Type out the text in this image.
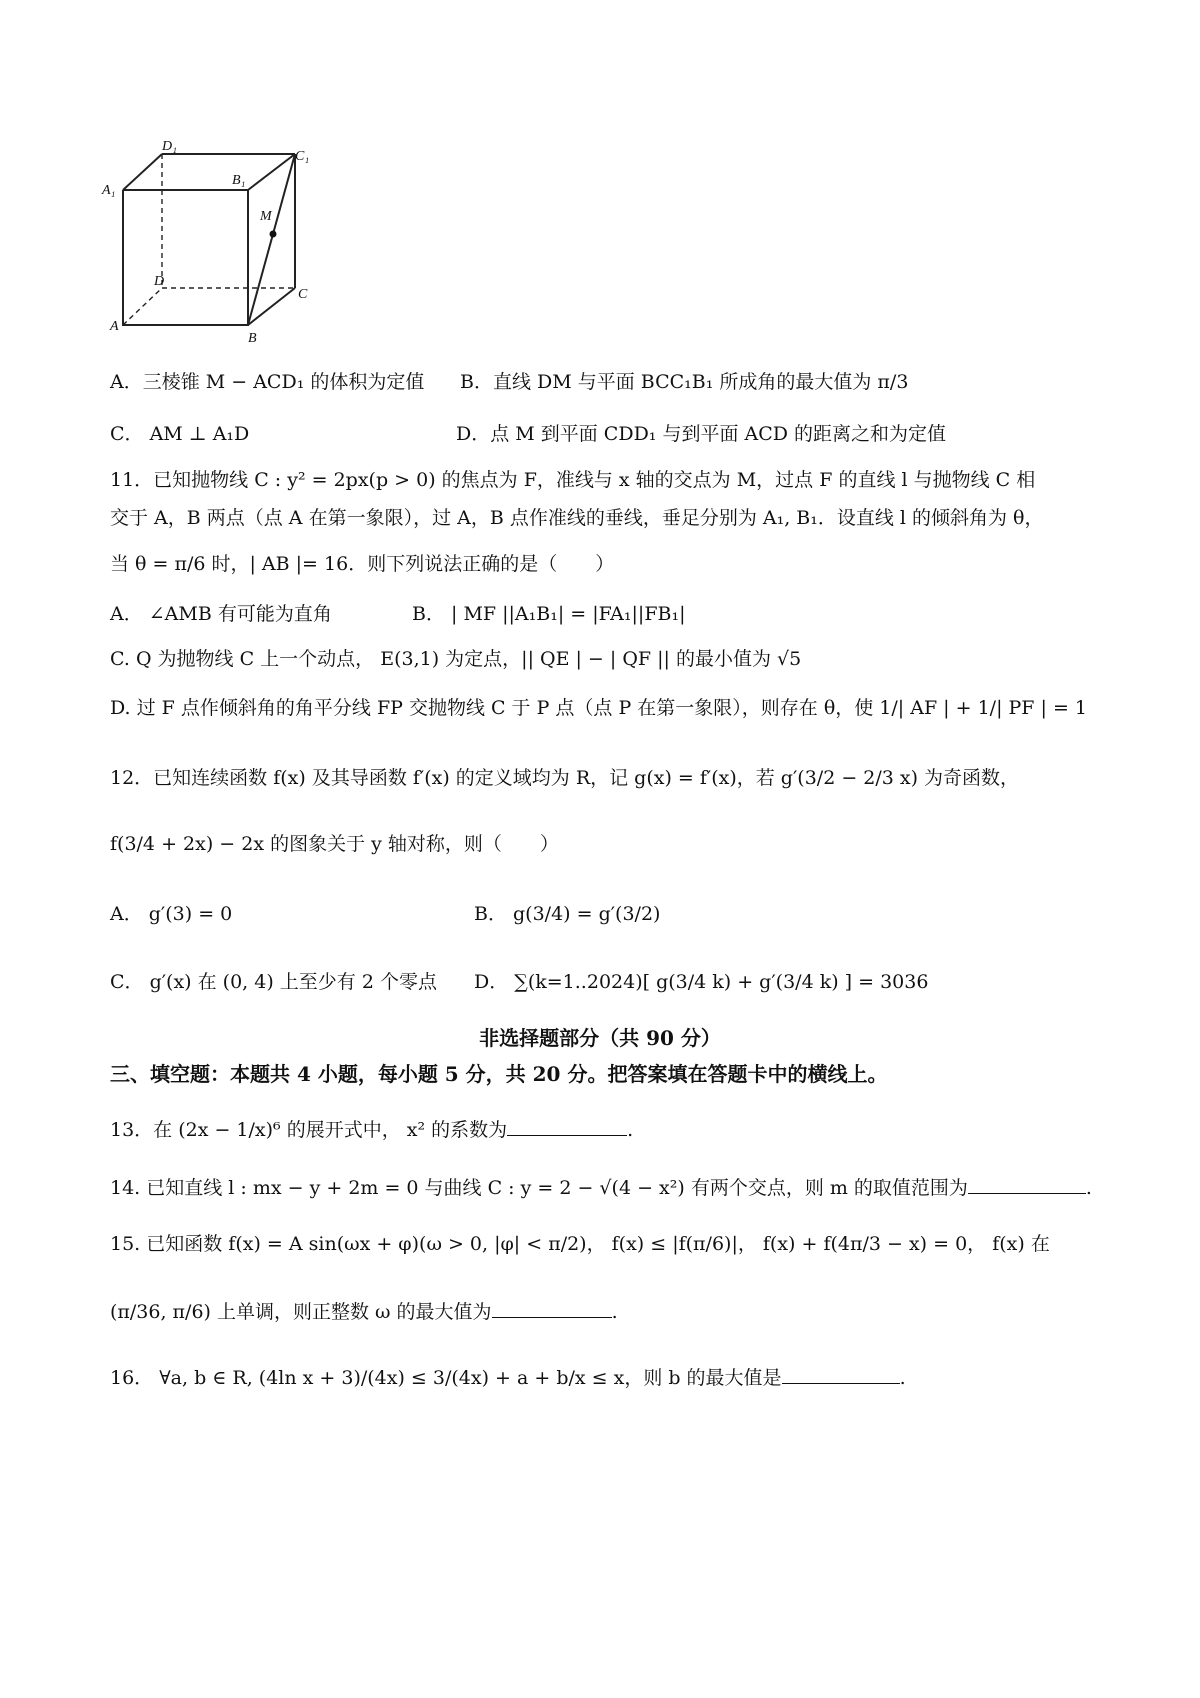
D₁
C₁
A₁
B₁
M
D
C
A
B
A．三棱锥 M − ACD₁ 的体积为定值 B．直线 DM 与平面 BCC₁B₁ 所成角的最大值为 π/3
C． AM ⊥ A₁D	D．点 M 到平面 CDD₁ 与到平面 ACD 的距离之和为定值
11．已知抛物线 C : y² = 2px(p > 0) 的焦点为 F，准线与 x 轴的交点为 M，过点 F 的直线 l 与抛物线 C 相
交于 A，B 两点（点 A 在第一象限），过 A，B 点作准线的垂线，垂足分别为 A₁, B₁．设直线 l 的倾斜角为 θ，
当 θ = π/6 时，| AB |= 16．则下列说法正确的是（　　）
A． ∠AMB 有可能为直角	B． | MF ||A₁B₁| = |FA₁||FB₁|
C. Q 为抛物线 C 上一个动点， E(3,1) 为定点，|| QE | − | QF || 的最小值为 √5
D. 过 F 点作倾斜角的角平分线 FP 交抛物线 C 于 P 点（点 P 在第一象限），则存在 θ，使 1/| AF | + 1/| PF | = 1
12．已知连续函数 f(x) 及其导函数 f′(x) 的定义域均为 R，记 g(x) = f′(x)，若 g′(3/2 − 2/3 x) 为奇函数，
f(3/4 + 2x) − 2x 的图象关于 y 轴对称，则（　　）
A． g′(3) = 0	B． g(3/4) = g′(3/2)
C． g′(x) 在 (0, 4) 上至少有 2 个零点 D． ∑(k=1..2024)[ g(3/4 k) + g′(3/4 k) ] = 3036
非选择题部分（共 90 分）
三、填空题：本题共 4 小题，每小题 5 分，共 20 分。把答案填在答题卡中的横线上。
13．在 (2x − 1/x)⁶ 的展开式中， x² 的系数为	.
14. 已知直线 l : mx − y + 2m = 0 与曲线 C : y = 2 − √(4 − x²) 有两个交点，则 m 的取值范围为	.
15. 已知函数 f(x) = A sin(ωx + φ)(ω > 0, |φ| < π/2)， f(x) ≤ |f(π/6)|， f(x) + f(4π/3 − x) = 0， f(x) 在
(π/36, π/6) 上单调，则正整数 ω 的最大值为	.
16． ∀a, b ∈ R, (4ln x + 3)/(4x) ≤ 3/(4x) + a + b/x ≤ x，则 b 的最大值是	.
